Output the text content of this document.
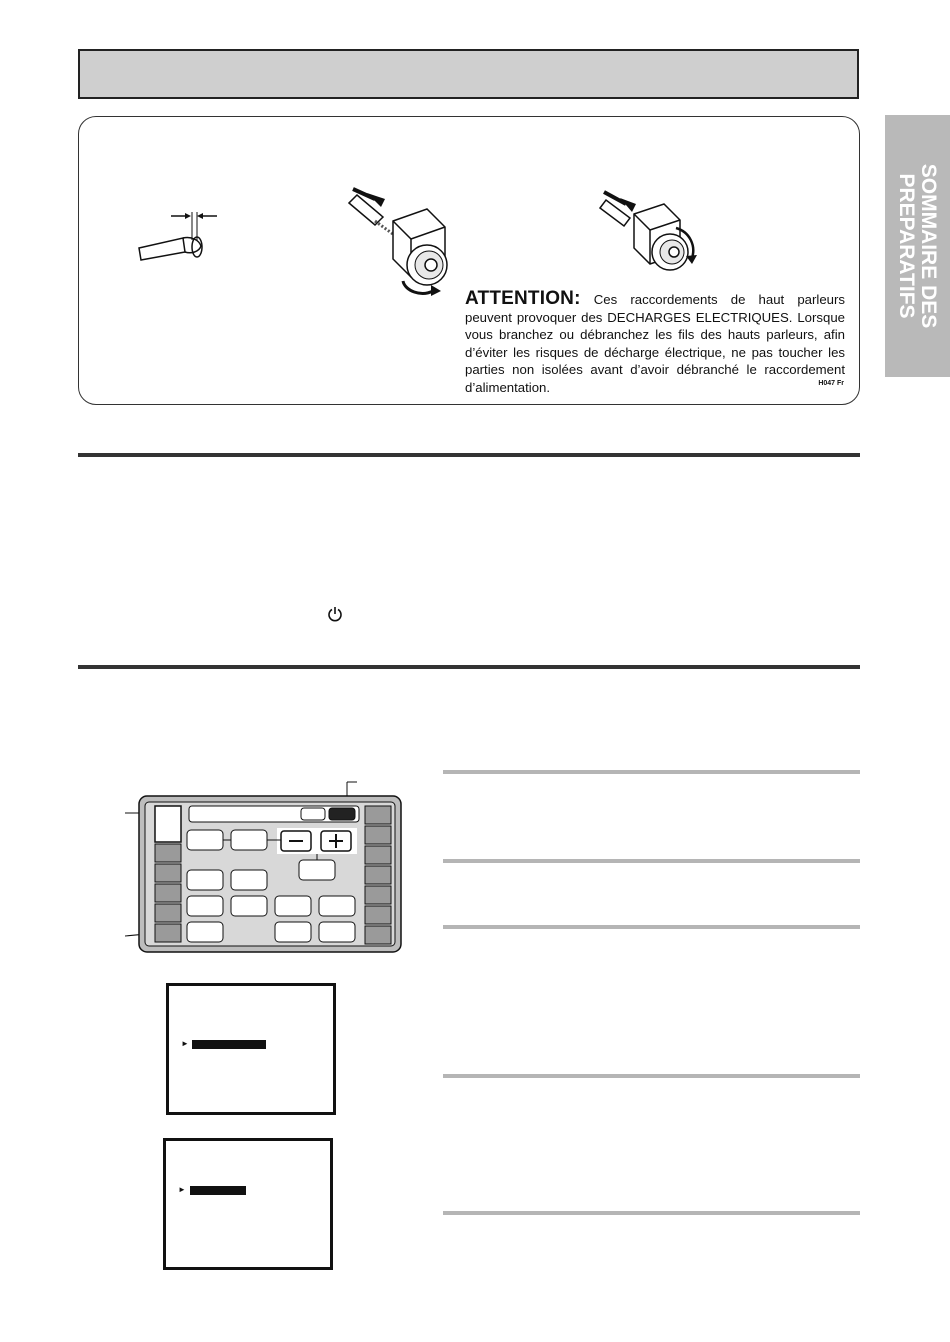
SOMMAIRE DES
PREPARATIFS
ATTENTION: Ces raccordements de haut parleurs peuvent provoquer des DECHARGES ELECTRIQUES. Lorsque vous branchez ou débranchez les fils des hauts parleurs, afin d’éviter les risques de décharge électrique, ne pas toucher les parties non isolées avant d’avoir débranché le raccordement d’alimentation.	H047 Fr
►
►
